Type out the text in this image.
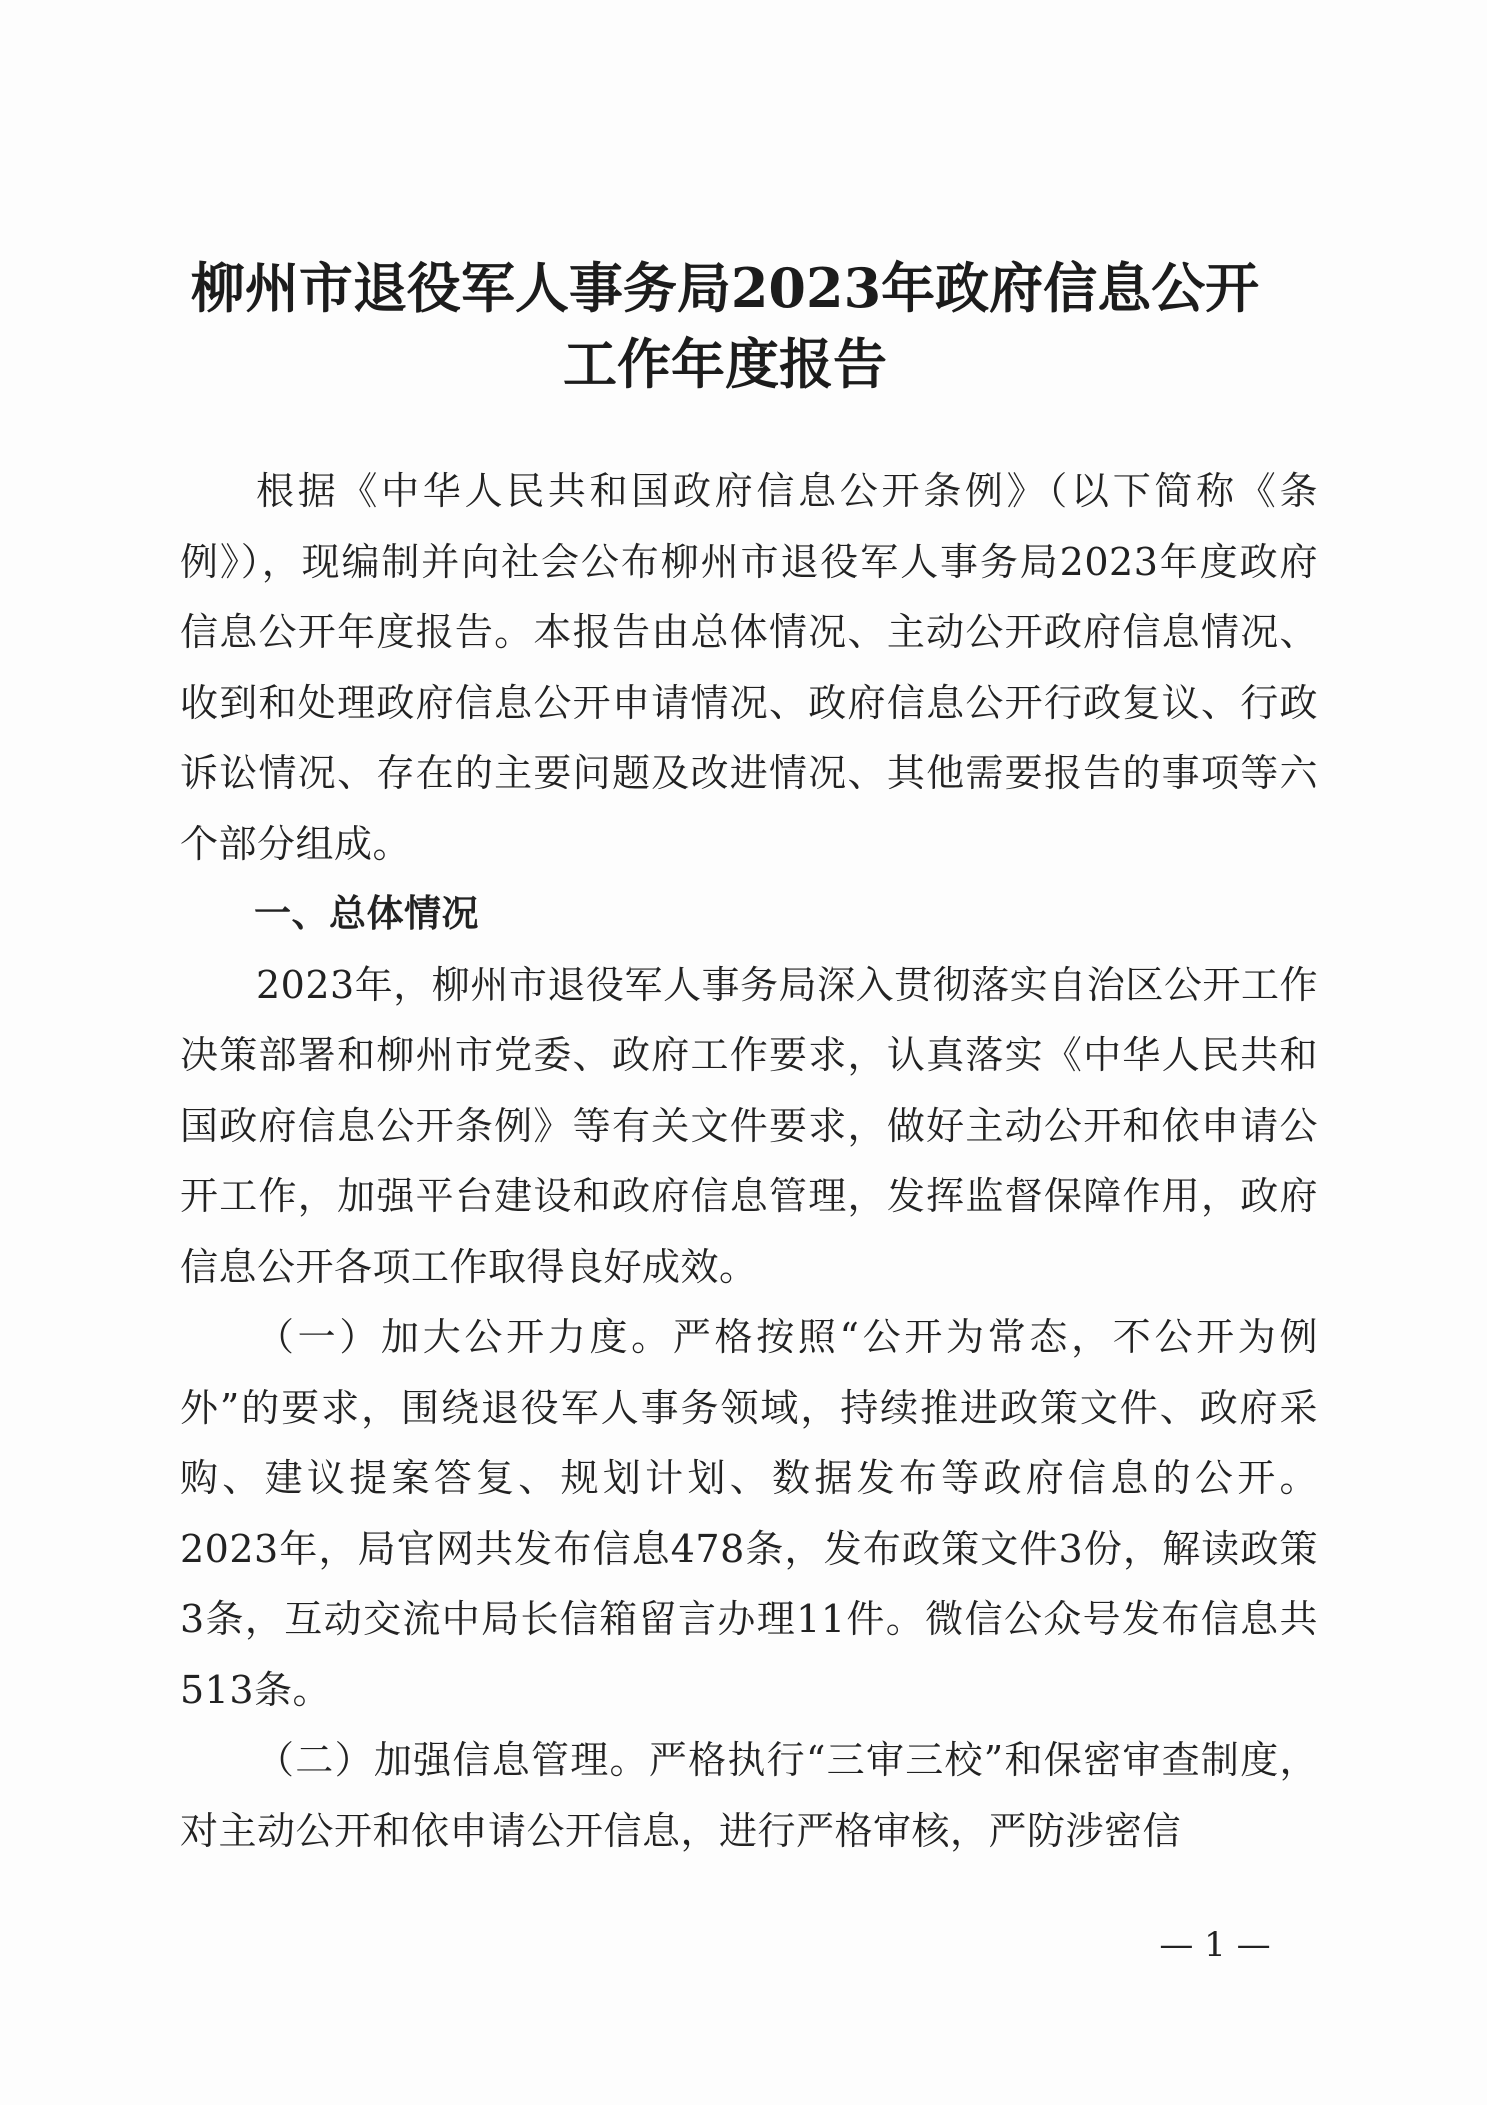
柳州市退役军人事务局2023年政府信息公开
工作年度报告

根据《中华人民共和国政府信息公开条例》（以下简称《条例》），现编制并向社会公布柳州市退役军人事务局2023年度政府信息公开年度报告。本报告由总体情况、主动公开政府信息情况、收到和处理政府信息公开申请情况、政府信息公开行政复议、行政诉讼情况、存在的主要问题及改进情况、其他需要报告的事项等六个部分组成。

一、总体情况

2023年，柳州市退役军人事务局深入贯彻落实自治区公开工作决策部署和柳州市党委、政府工作要求，认真落实《中华人民共和国政府信息公开条例》等有关文件要求，做好主动公开和依申请公开工作，加强平台建设和政府信息管理，发挥监督保障作用，政府信息公开各项工作取得良好成效。

（一）加大公开力度。严格按照“公开为常态，不公开为例外”的要求，围绕退役军人事务领域，持续推进政策文件、政府采购、建议提案答复、规划计划、数据发布等政府信息的公开。2023年，局官网共发布信息478条，发布政策文件3份，解读政策3条，互动交流中局长信箱留言办理11件。微信公众号发布信息共513条。

（二）加强信息管理。严格执行“三审三校”和保密审查制度，对主动公开和依申请公开信息，进行严格审核，严防涉密信

— 1 —
